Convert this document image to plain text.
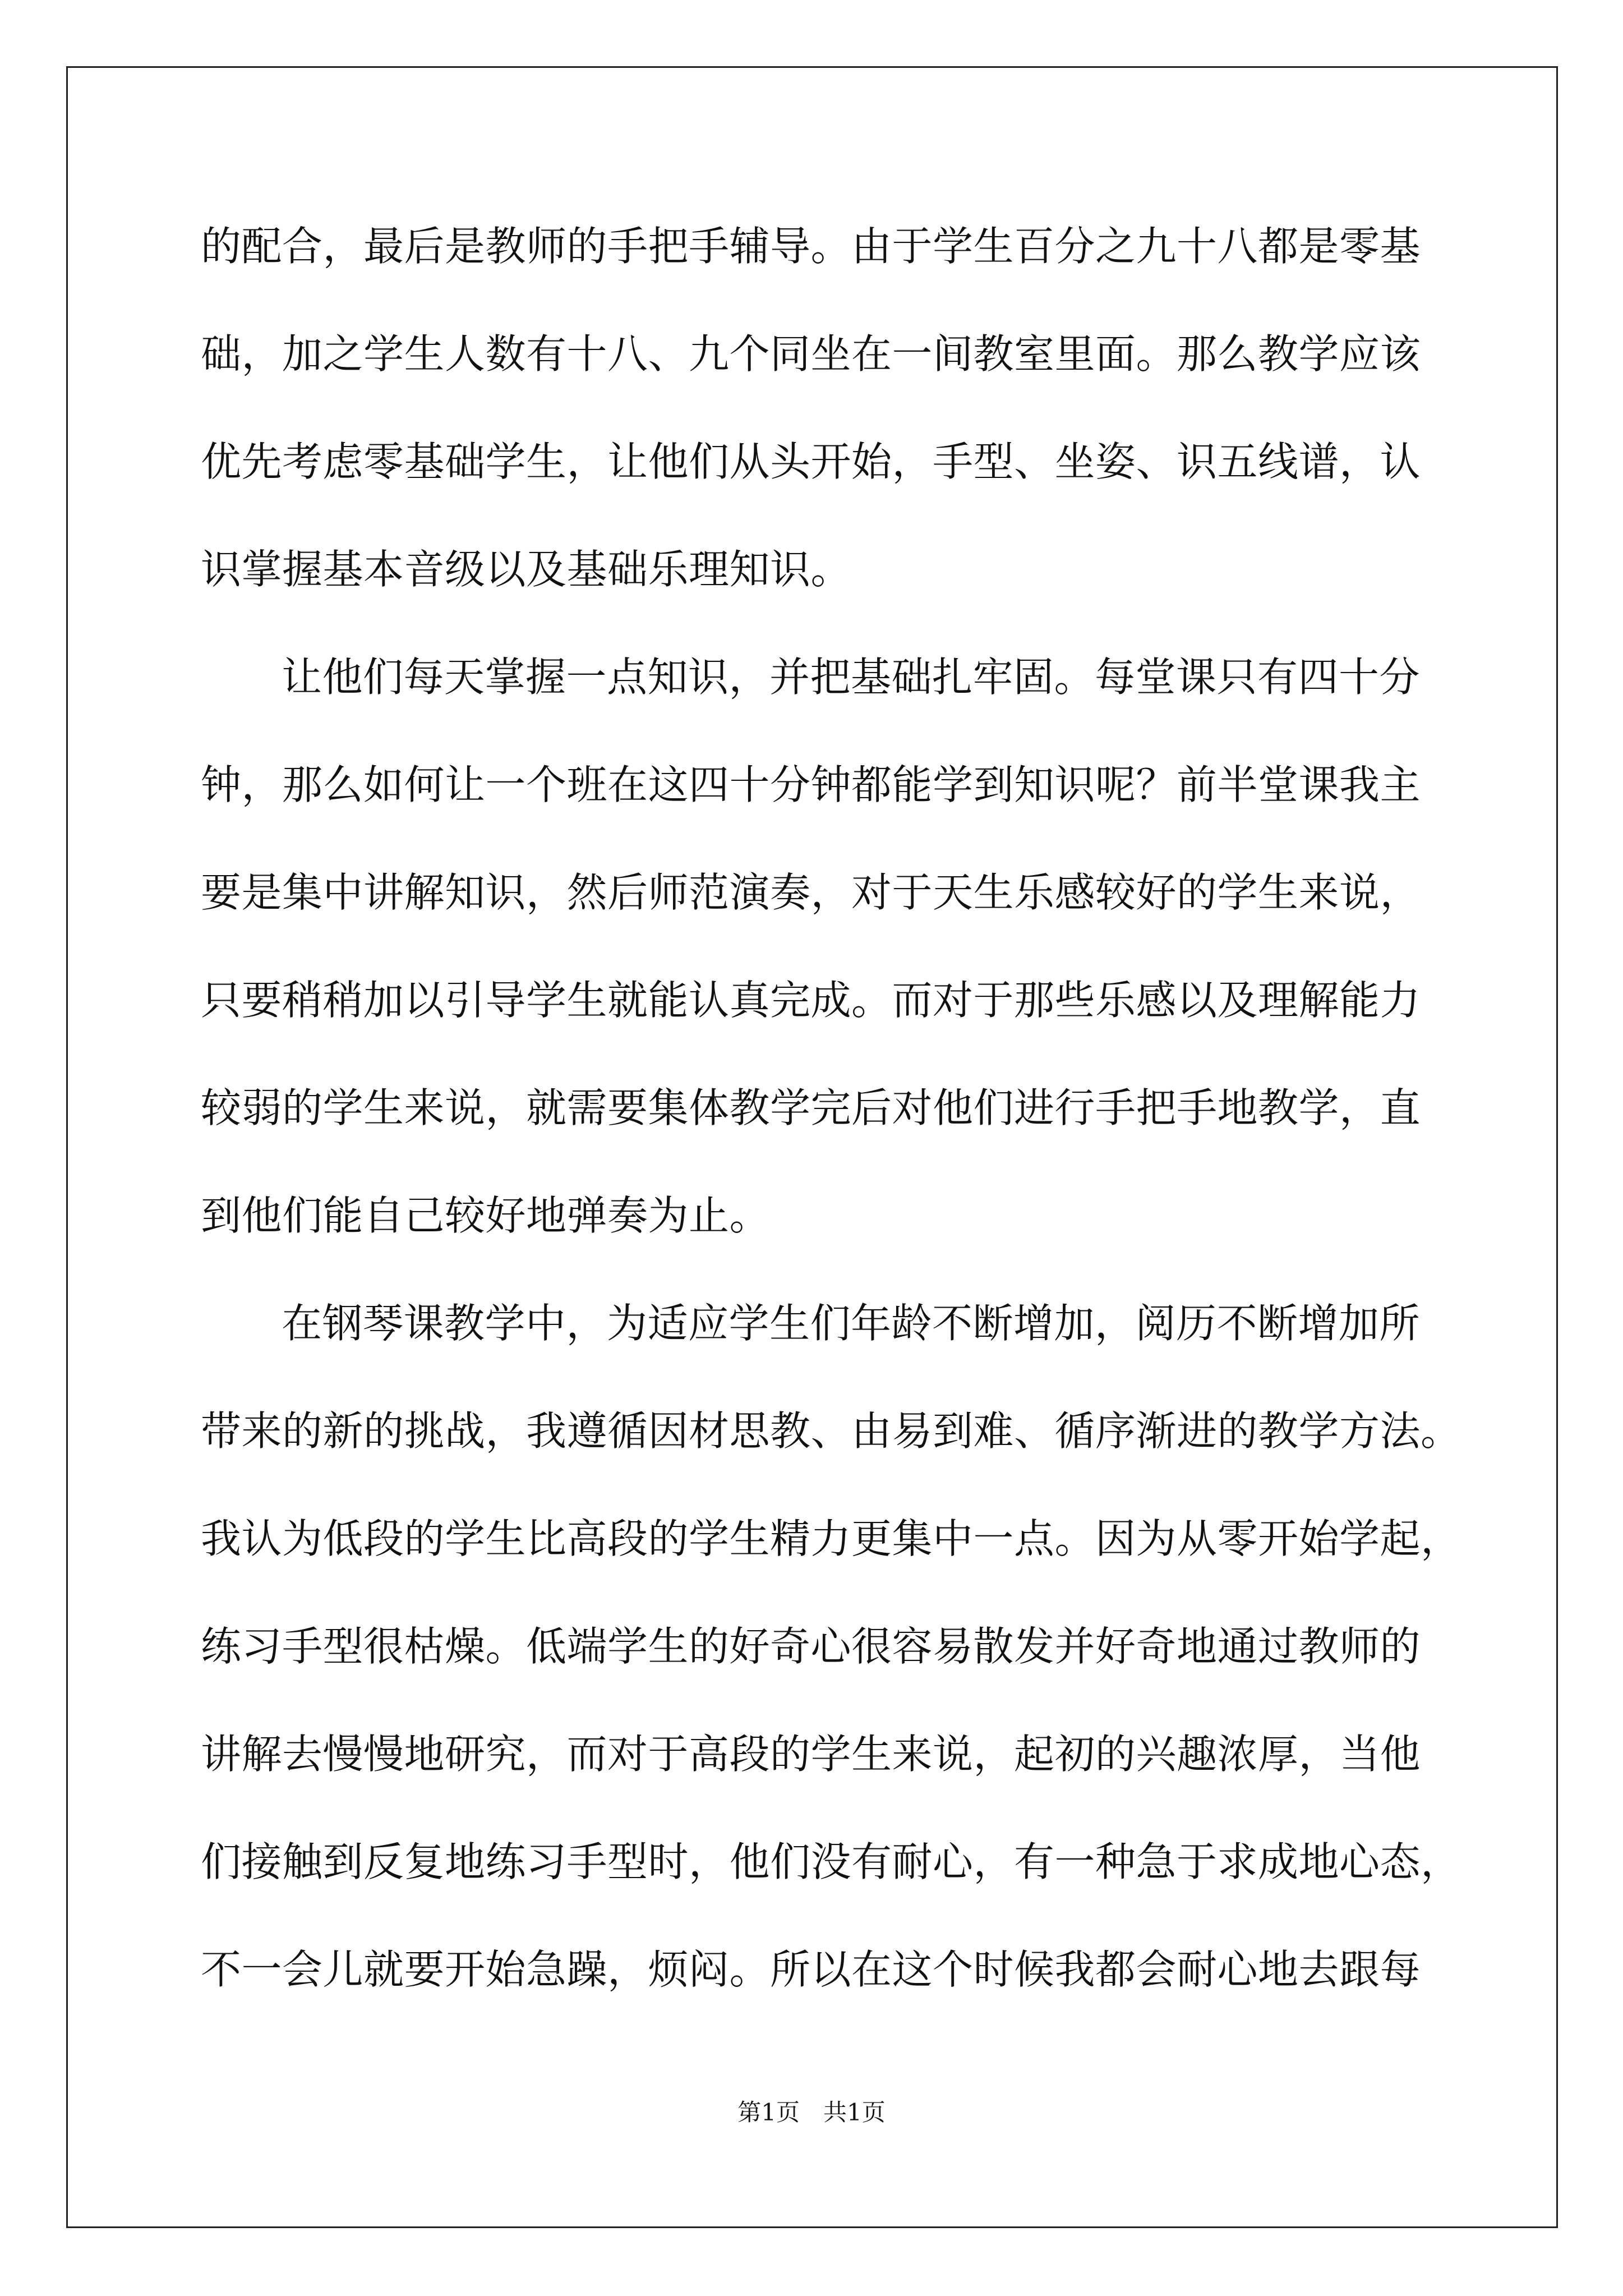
的配合，最后是教师的手把手辅导。由于学生百分之九十八都是零基
础，加之学生人数有十八、九个同坐在一间教室里面。那么教学应该
优先考虑零基础学生，让他们从头开始，手型、坐姿、识五线谱，认
识掌握基本音级以及基础乐理知识。
让他们每天掌握一点知识，并把基础扎牢固。每堂课只有四十分
钟，那么如何让一个班在这四十分钟都能学到知识呢？前半堂课我主
要是集中讲解知识，然后师范演奏，对于天生乐感较好的学生来说，
只要稍稍加以引导学生就能认真完成。而对于那些乐感以及理解能力
较弱的学生来说，就需要集体教学完后对他们进行手把手地教学，直
到他们能自己较好地弹奏为止。
在钢琴课教学中，为适应学生们年龄不断增加，阅历不断增加所
带来的新的挑战，我遵循因材思教、由易到难、循序渐进的教学方法。
我认为低段的学生比高段的学生精力更集中一点。因为从零开始学起，
练习手型很枯燥。低端学生的好奇心很容易散发并好奇地通过教师的
讲解去慢慢地研究，而对于高段的学生来说，起初的兴趣浓厚，当他
们接触到反复地练习手型时，他们没有耐心，有一种急于求成地心态，
不一会儿就要开始急躁，烦闷。所以在这个时候我都会耐心地去跟每
第1页　共1页
